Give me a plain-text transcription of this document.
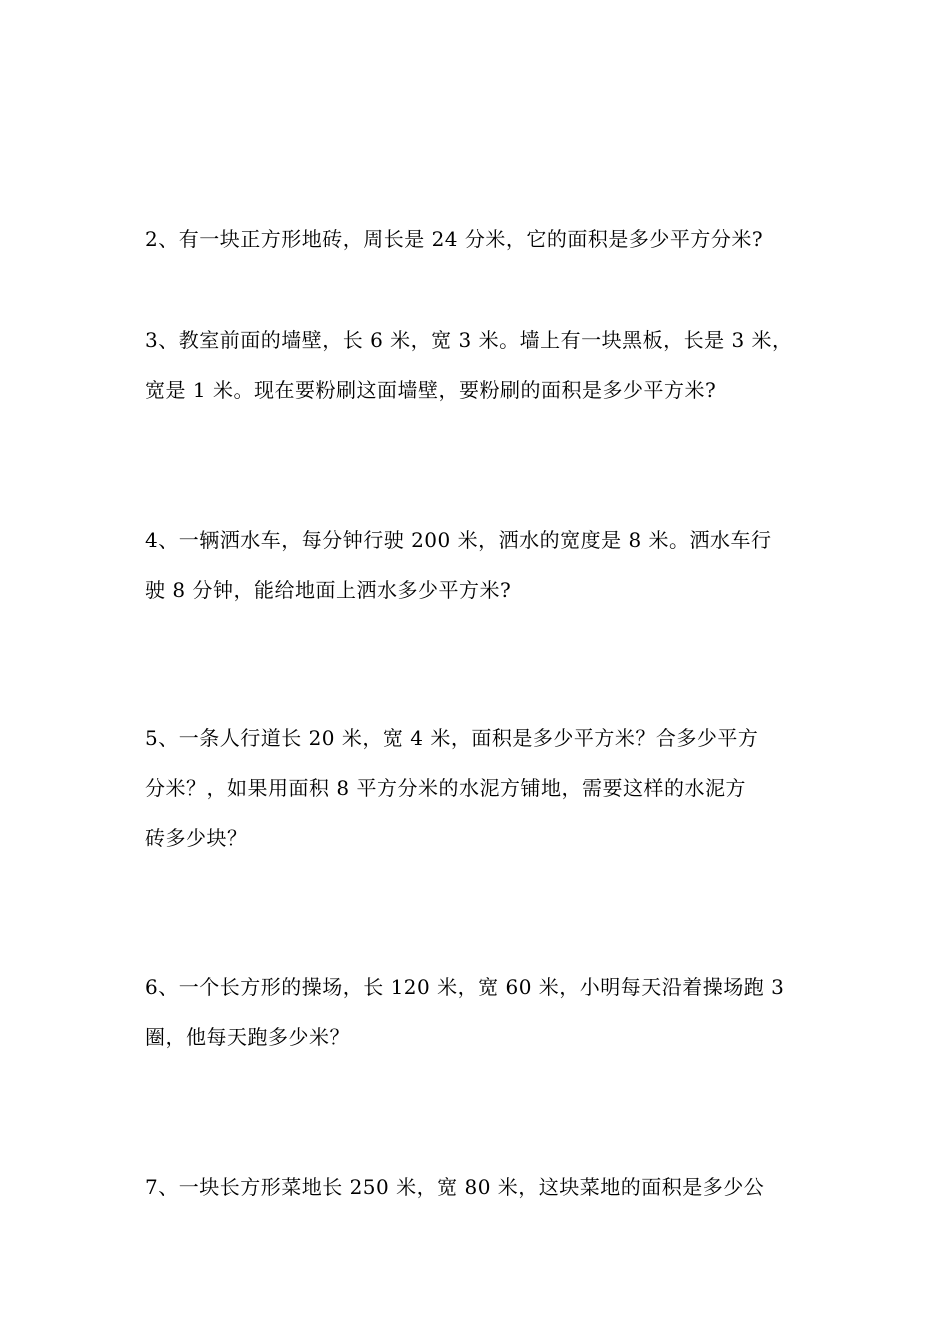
2、有一块正方形地砖，周长是 24 分米，它的面积是多少平方分米?
3、教室前面的墙壁，长 6 米，宽 3 米。墙上有一块黑板，长是 3 米，
宽是 1 米。现在要粉刷这面墙壁，要粉刷的面积是多少平方米?
4、一辆洒水车，每分钟行驶 200 米，洒水的宽度是 8 米。洒水车行
驶 8 分钟，能给地面上洒水多少平方米?
5、一条人行道长 20 米，宽 4 米，面积是多少平方米？合多少平方
分米？，如果用面积 8 平方分米的水泥方铺地，需要这样的水泥方
砖多少块？
6、一个长方形的操场，长 120 米，宽 60 米，小明每天沿着操场跑 3
圈，他每天跑多少米？
7、一块长方形菜地长 250 米，宽 80 米，这块菜地的面积是多少公
